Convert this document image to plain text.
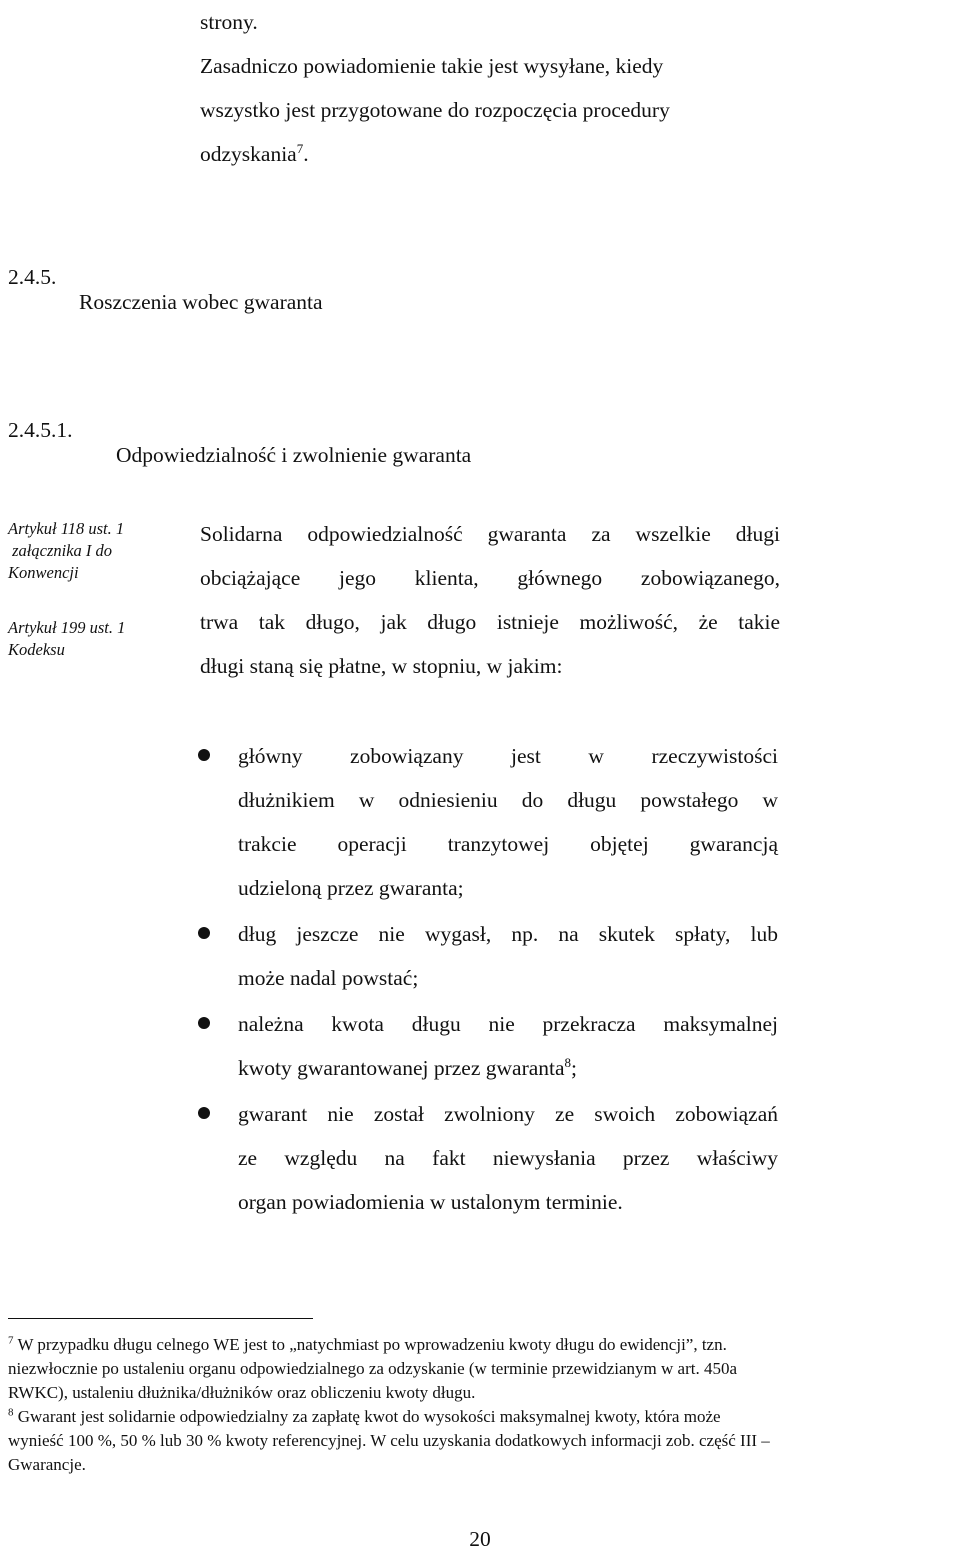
strony.
Zasadniczo powiadomienie takie jest wysyłane, kiedy
wszystko jest przygotowane do rozpoczęcia procedury
odzyskania$^7$.

2.4.5.

Roszczenia wobec gwaranta

2.4.5.1.

Odpowiedzialność i zwolnienie gwaranta

Artykuł 118 ust. 1
załącznika I do
Konwencji
Artykuł 199 ust. 1
Kodeksu
Solidarna odpowiedzialność gwaranta za wszelkie długi
obciążające jego klienta, głównego zobowiązanego,
trwa tak długo, jak długo istnieje możliwość, że takie
długi staną się płatne, w stopniu, w jakim:
główny zobowiązany jest w rzeczywistości
dłużnikiem w odniesieniu do długu powstałego w
trakcie operacji tranzytowej objętej gwarancją
udzieloną przez gwaranta;
dług jeszcze nie wygasł, np. na skutek spłaty, lub
może nadal powstać;
należna kwota długu nie przekracza maksymalnej
kwoty gwarantowanej przez gwaranta$^8$;
gwarant nie został zwolniony ze swoich zobowiązań
ze względu na fakt niewysłania przez właściwy
organ powiadomienia w ustalonym terminie.
$^7$ W przypadku długu celnego WE jest to „natychmiast po wprowadzeniu kwoty długu do ewidencji”, tzn.
niezwłocznie po ustaleniu organu odpowiedzialnego za odzyskanie (w terminie przewidzianym w art. 450a
RWKC), ustaleniu dłużnika/dłużników oraz obliczeniu kwoty długu.
$^8$ Gwarant jest solidarnie odpowiedzialny za zapłatę kwot do wysokości maksymalnej kwoty, która może
wynieść 100 %, 50 % lub 30 % kwoty referencyjnej. W celu uzyskania dodatkowych informacji zob. część III –
Gwarancje.
20
